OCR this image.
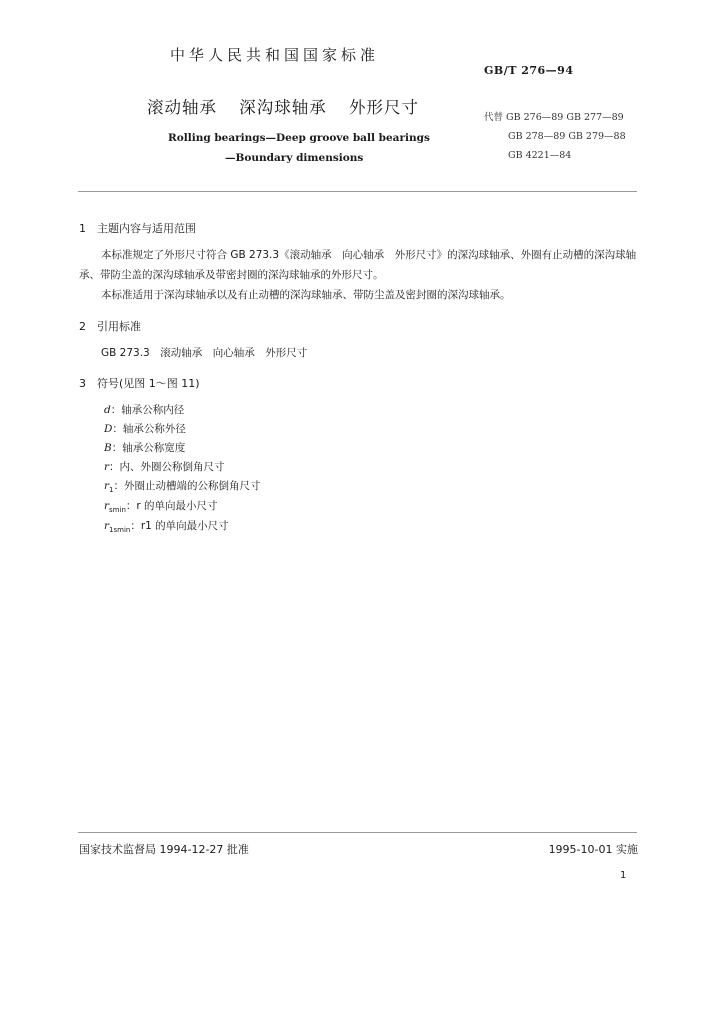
中华人民共和国国家标准
GB/T 276—94
滚动轴承 深沟球轴承 外形尺寸
Rolling bearings—Deep groove ball bearings
—Boundary dimensions
代替 GB 276—89 GB 277—89
GB 278—89 GB 279—88
GB 4221—84
1 主题内容与适用范围

本标准规定了外形尺寸符合 GB 273.3《滚动轴承　向心轴承　外形尺寸》的深沟球轴承、外圈有止动槽的深沟球轴承、带防尘盖的深沟球轴承及带密封圈的深沟球轴承的外形尺寸。

本标准适用于深沟球轴承以及有止动槽的深沟球轴承、带防尘盖及密封圈的深沟球轴承。

2 引用标准
GB 273.3　滚动轴承　向心轴承　外形尺寸
3 符号(见图 1～图 11)
d：轴承公称内径
D：轴承公称外径
B：轴承公称宽度
r：内、外圈公称倒角尺寸
$r_1$：外圈止动槽端的公称倒角尺寸
$r_{smin}$：r 的单向最小尺寸
$r_{1smin}$：r1 的单向最小尺寸
国家技术监督局 1994-12-27 批准	1995-10-01 实施
1
